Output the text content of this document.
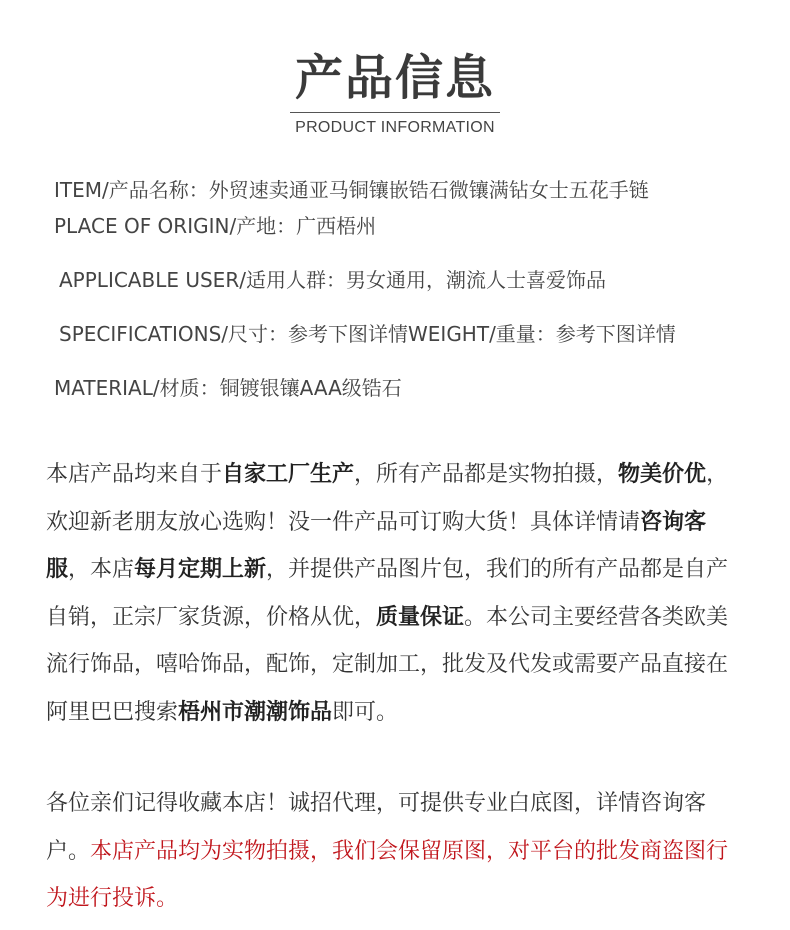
产品信息
PRODUCT INFORMATION
ITEM/产品名称：外贸速卖通亚马铜镶嵌锆石微镶满钻女士五花手链
PLACE OF ORIGIN/产地：广西梧州
APPLICABLE USER/适用人群：男女通用，潮流人士喜爱饰品
SPECIFICATIONS/尺寸：参考下图详情WEIGHT/重量：参考下图详情
MATERIAL/材质：铜镀银镶AAA级锆石
本店产品均来自于自家工厂生产，所有产品都是实物拍摄，物美价优，欢迎新老朋友放心选购！没一件产品可订购大货！具体详情请咨询客服，本店每月定期上新，并提供产品图片包，我们的所有产品都是自产自销，正宗厂家货源，价格从优，质量保证。本公司主要经营各类欧美流行饰品，嘻哈饰品，配饰，定制加工，批发及代发或需要产品直接在阿里巴巴搜索梧州市潮潮饰品即可。
各位亲们记得收藏本店！诚招代理，可提供专业白底图，详情咨询客户。本店产品均为实物拍摄，我们会保留原图，对平台的批发商盗图行为进行投诉。
